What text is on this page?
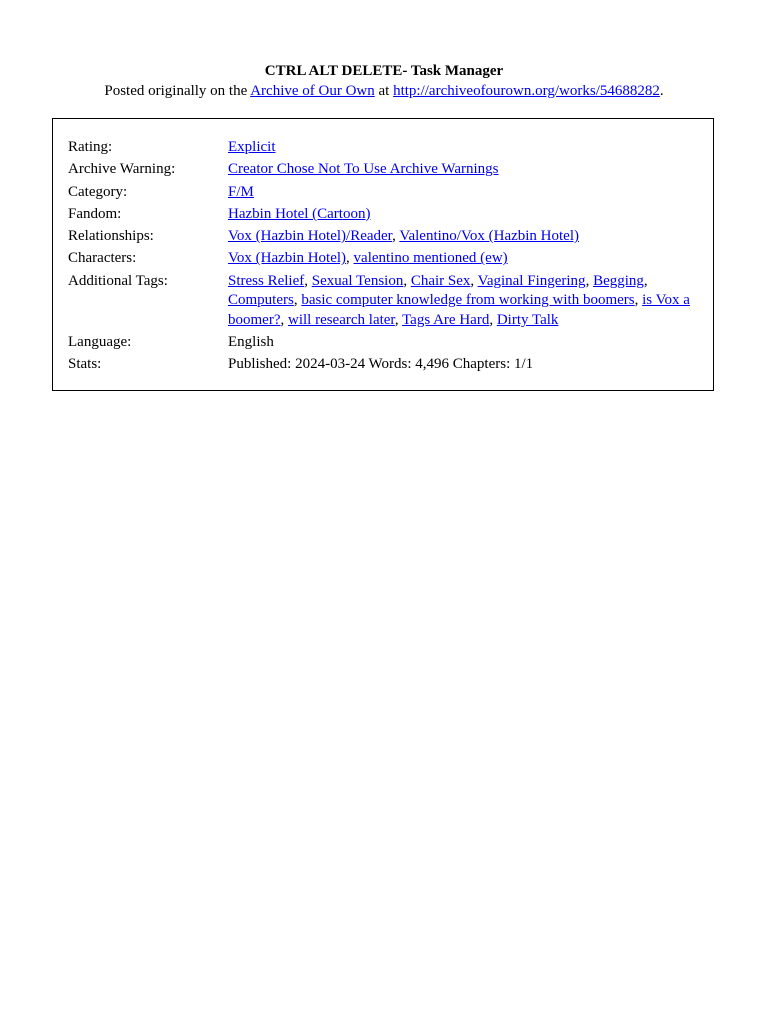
CTRL ALT DELETE- Task Manager
Posted originally on the Archive of Our Own at http://archiveofourown.org/works/54688282.
Rating:	Explicit
Archive Warning:	Creator Chose Not To Use Archive Warnings
Category:	F/M
Fandom:	Hazbin Hotel (Cartoon)
Relationships:	Vox (Hazbin Hotel)/Reader, Valentino/Vox (Hazbin Hotel)
Characters:	Vox (Hazbin Hotel), valentino mentioned (ew)
Additional Tags:	Stress Relief, Sexual Tension, Chair Sex, Vaginal Fingering, Begging, Computers, basic computer knowledge from working with boomers, is Vox a boomer?, will research later, Tags Are Hard, Dirty Talk
Language:	English
Stats:	Published: 2024-03-24 Words: 4,496 Chapters: 1/1
